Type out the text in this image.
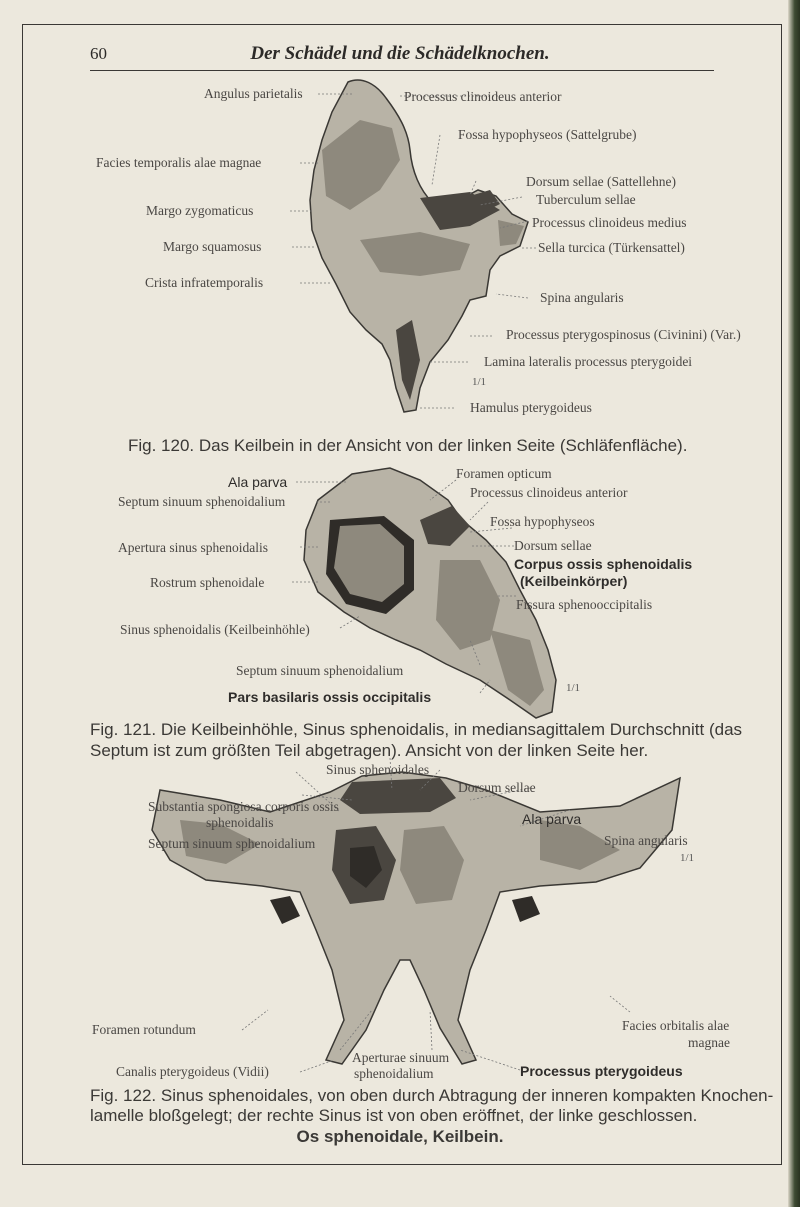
60	Der Schädel und die Schädelknochen.
Angulus parietalis
Facies temporalis alae magnae
Margo zygomaticus
Margo squamosus
Crista infratemporalis
Processus clinoideus anterior
Fossa hypophyseos (Sattelgrube)
Dorsum sellae (Sattellehne)
Tuberculum sellae
Processus clinoideus medius
Sella turcica (Türkensattel)
Spina angularis
Processus pterygospinosus (Civinini) (Var.)
Lamina lateralis processus pterygoidei
Hamulus pterygoideus
1/1
Fig. 120. Das Keilbein in der Ansicht von der linken Seite (Schläfenfläche).
Ala parva
Septum sinuum sphenoidalium
Apertura sinus sphenoidalis
Rostrum sphenoidale
Sinus sphenoidalis (Keilbeinhöhle)
Foramen opticum
Processus clinoideus anterior
Fossa hypophyseos
Dorsum sellae
Corpus ossis sphenoidalis
(Keilbeinkörper)
Fissura sphenooccipitalis
Septum sinuum sphenoidalium
Pars basilaris ossis occipitalis
1/1
Fig. 121. Die Keilbeinhöhle, Sinus sphenoidalis, in mediansagittalem Durchschnitt (das
Septum ist zum größten Teil abgetragen). Ansicht von der linken Seite her.
Sinus sphenoidales
Substantia spongiosa corporis ossis
sphenoidalis
Septum sinuum sphenoidalium
Foramen rotundum
Canalis pterygoideus (Vidii)
Dorsum sellae
Ala parva
Spina angularis
Facies orbitalis alae
magnae
Processus pterygoideus
Aperturae sinuum
sphenoidalium
1/1
Fig. 122. Sinus sphenoidales, von oben durch Abtragung der inneren kompakten Knochen-
lamelle bloßgelegt; der rechte Sinus ist von oben eröffnet, der linke geschlossen.
Os sphenoidale, Keilbein.
